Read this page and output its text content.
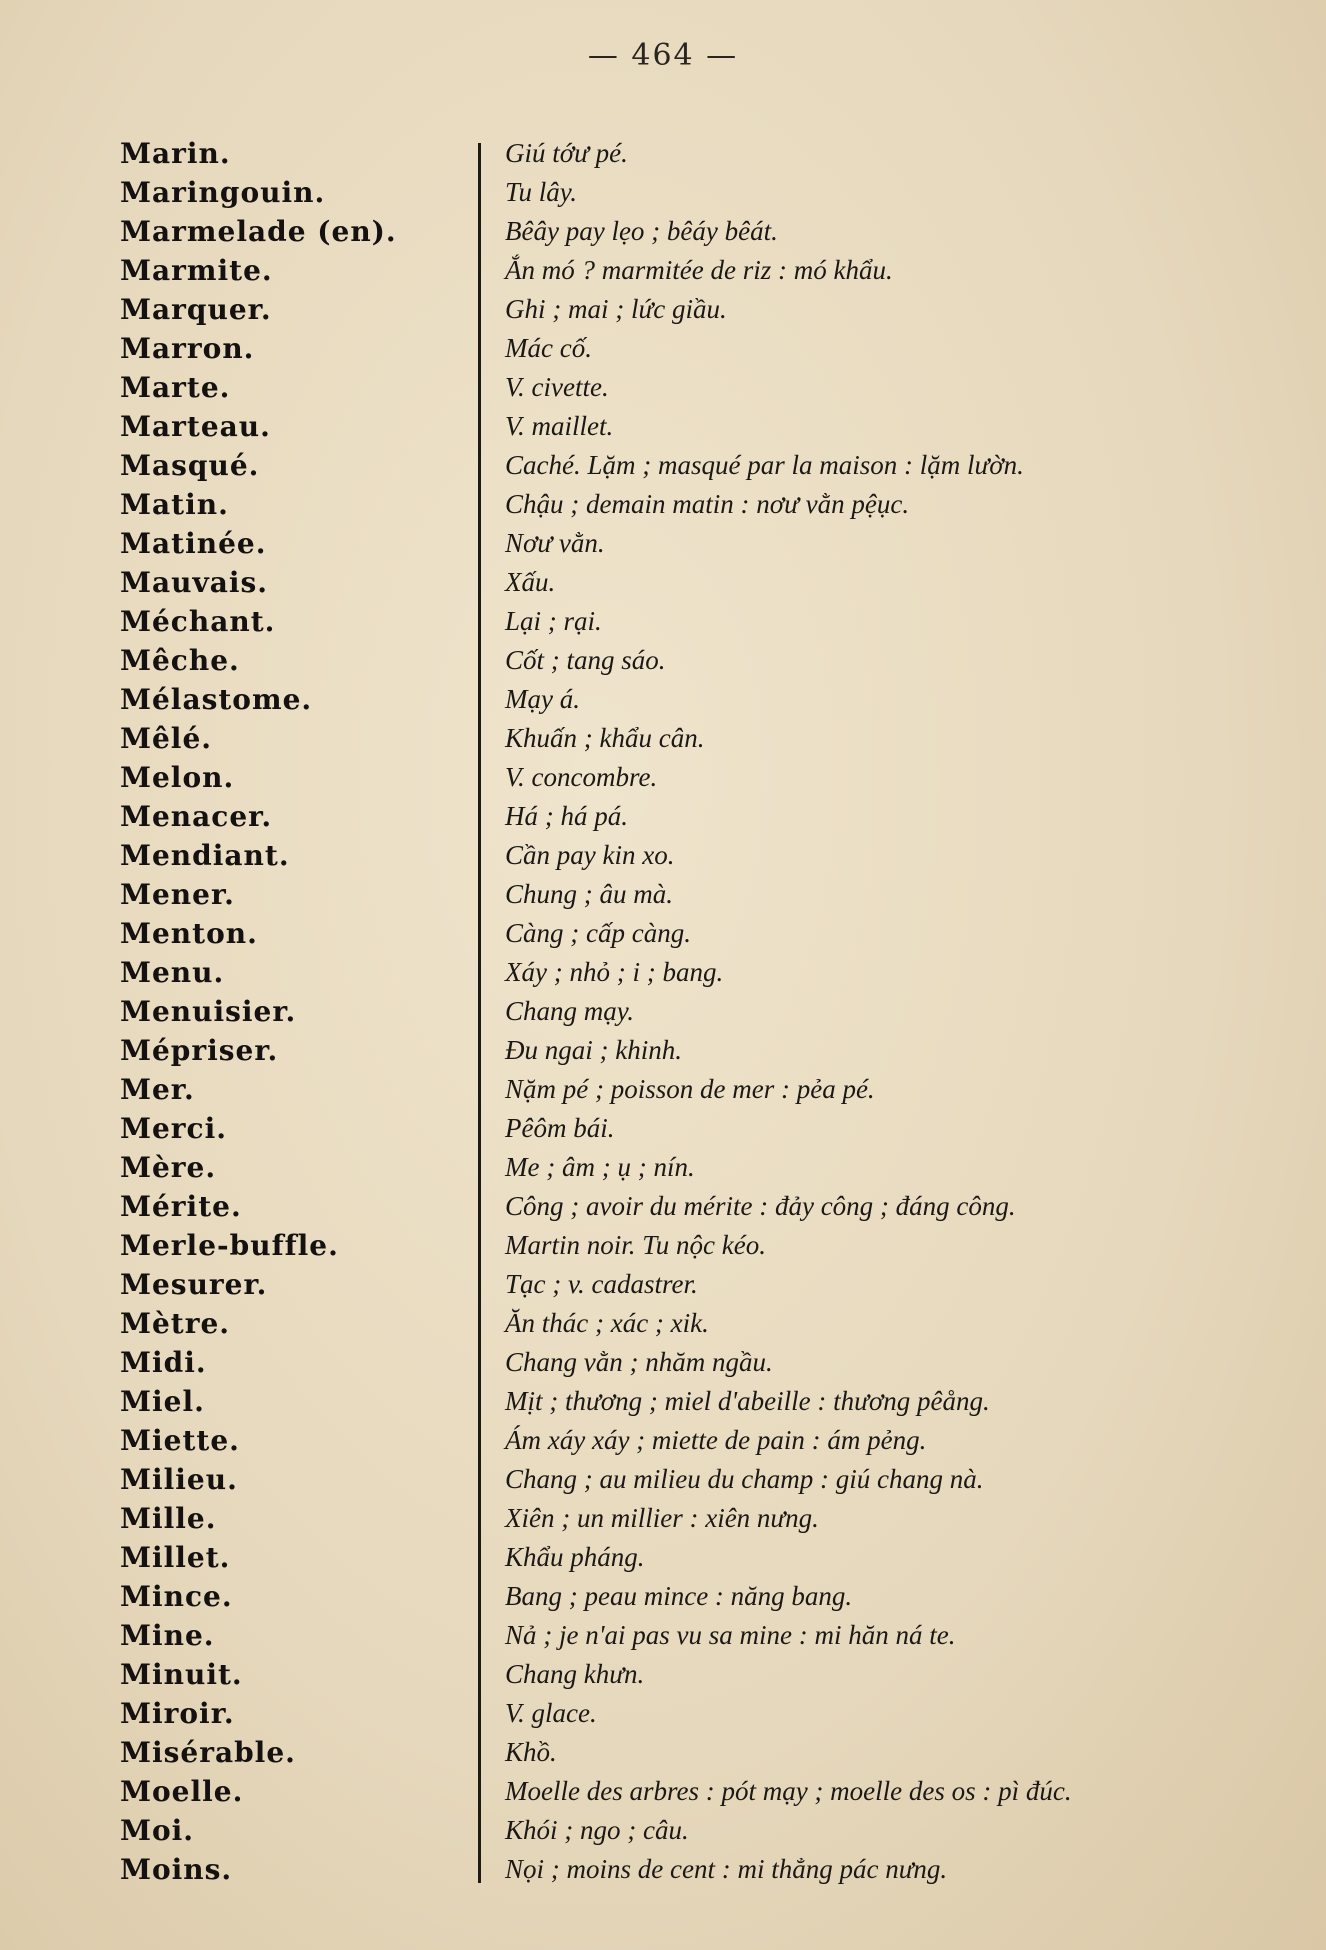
— 464 —
Marin.	Giú tớư pé.
Maringouin.	Tu lây.
Marmelade (en).	Bêây pay lẹo ; bêáy bêát.
Marmite.	Ắn mó ? marmitée de riz : mó khẩu.
Marquer.	Ghi ; mai ; lức giầu.
Marron.	Mác cố.
Marte.	V. civette.
Marteau.	V. maillet.
Masqué.	Caché. Lặm ; masqué par la maison : lặm lườn.
Matin.	Chậu ; demain matin : nơư vằn pệục.
Matinée.	Nơư vằn.
Mauvais.	Xấu.
Méchant.	Lại ; rại.
Mêche.	Cốt ; tang sáo.
Mélastome.	Mạy á.
Mêlé.	Khuấn ; khẩu cân.
Melon.	V. concombre.
Menacer.	Há ; há pá.
Mendiant.	Cần pay kin xo.
Mener.	Chung ; âu mà.
Menton.	Càng ; cấp càng.
Menu.	Xáy ; nhỏ ; i ; bang.
Menuisier.	Chang mạy.
Mépriser.	Đu ngai ; khinh.
Mer.	Nặm pé ; poisson de mer : pẻa pé.
Merci.	Pêôm bái.
Mère.	Me ; âm ; ụ ; nín.
Mérite.	Công ; avoir du mérite : đảy công ; đáng công.
Merle-buffle.	Martin noir. Tu nộc kéo.
Mesurer.	Tạc ; v. cadastrer.
Mètre.	Ăn thác ; xác ; xik.
Midi.	Chang vằn ; nhăm ngầu.
Miel.	Mịt ; thương ; miel d'abeille : thương pêång.
Miette.	Ám xáy xáy ; miette de pain : ám pẻng.
Milieu.	Chang ; au milieu du champ : giú chang nà.
Mille.	Xiên ; un millier : xiên nưng.
Millet.	Khẩu pháng.
Mince.	Bang ; peau mince : năng bang.
Mine.	Nả ; je n'ai pas vu sa mine : mi hăn ná te.
Minuit.	Chang khưn.
Miroir.	V. glace.
Misérable.	Khồ.
Moelle.	Moelle des arbres : pót mạy ; moelle des os : pì đúc.
Moi.	Khói ; ngo ; câu.
Moins.	Nọi ; moins de cent : mi thẳng pác nưng.
